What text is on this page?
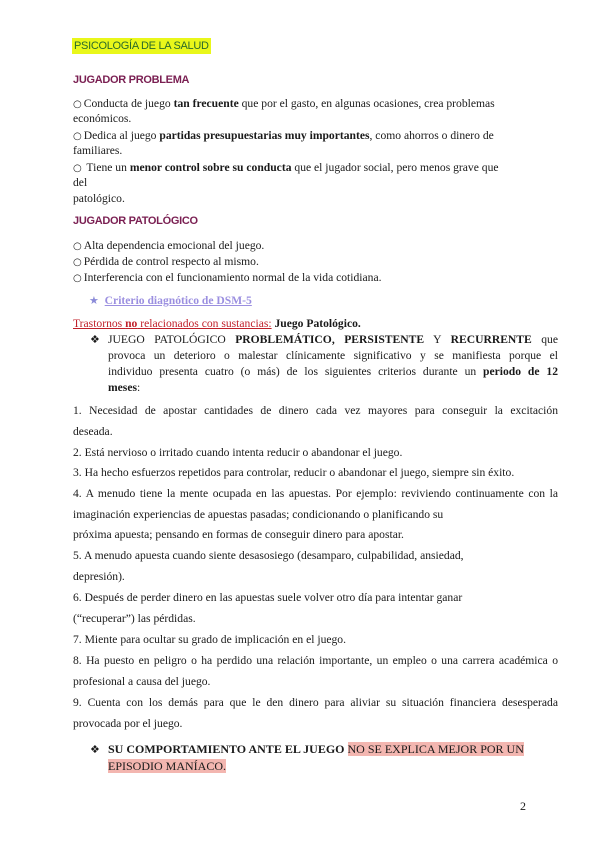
PSICOLOGÍA DE LA SALUD
JUGADOR PROBLEMA
○ Conducta de juego tan frecuente que por el gasto, en algunas ocasiones, crea problemas
económicos.
○ Dedica al juego partidas presupuestarias muy importantes, como ahorros o dinero de
familiares.
○ Tiene un menor control sobre su conducta que el jugador social, pero menos grave que
del
patológico.
JUGADOR PATOLÓGICO
○ Alta dependencia emocional del juego.
○ Pérdida de control respecto al mismo.
○ Interferencia con el funcionamiento normal de la vida cotidiana.
★ Criterio diagnótico de DSM-5
Trastornos no relacionados con sustancias: Juego Patológico.
❖ JUEGO PATOLÓGICO PROBLEMÁTICO, PERSISTENTE Y RECURRENTE que
provoca un deterioro o malestar clínicamente significativo y se manifiesta porque el
individuo presenta cuatro (o más) de los siguientes criterios durante un periodo de 12
meses:
1. Necesidad de apostar cantidades de dinero cada vez mayores para conseguir la excitación
deseada.
2. Está nervioso o irritado cuando intenta reducir o abandonar el juego.
3. Ha hecho esfuerzos repetidos para controlar, reducir o abandonar el juego, siempre sin éxito.
4. A menudo tiene la mente ocupada en las apuestas. Por ejemplo: reviviendo continuamente con la
imaginación experiencias de apuestas pasadas; condicionando o planificando su
próxima apuesta; pensando en formas de conseguir dinero para apostar.
5. A menudo apuesta cuando siente desasosiego (desamparo, culpabilidad, ansiedad,
depresión).
6. Después de perder dinero en las apuestas suele volver otro día para intentar ganar
(“recuperar”) las pérdidas.
7. Miente para ocultar su grado de implicación en el juego.
8. Ha puesto en peligro o ha perdido una relación importante, un empleo o una carrera académica o
profesional a causa del juego.
9. Cuenta con los demás para que le den dinero para aliviar su situación financiera desesperada
provocada por el juego.
❖ SU COMPORTAMIENTO ANTE EL JUEGO NO SE EXPLICA MEJOR POR UN
EPISODIO MANÍACO.
2
